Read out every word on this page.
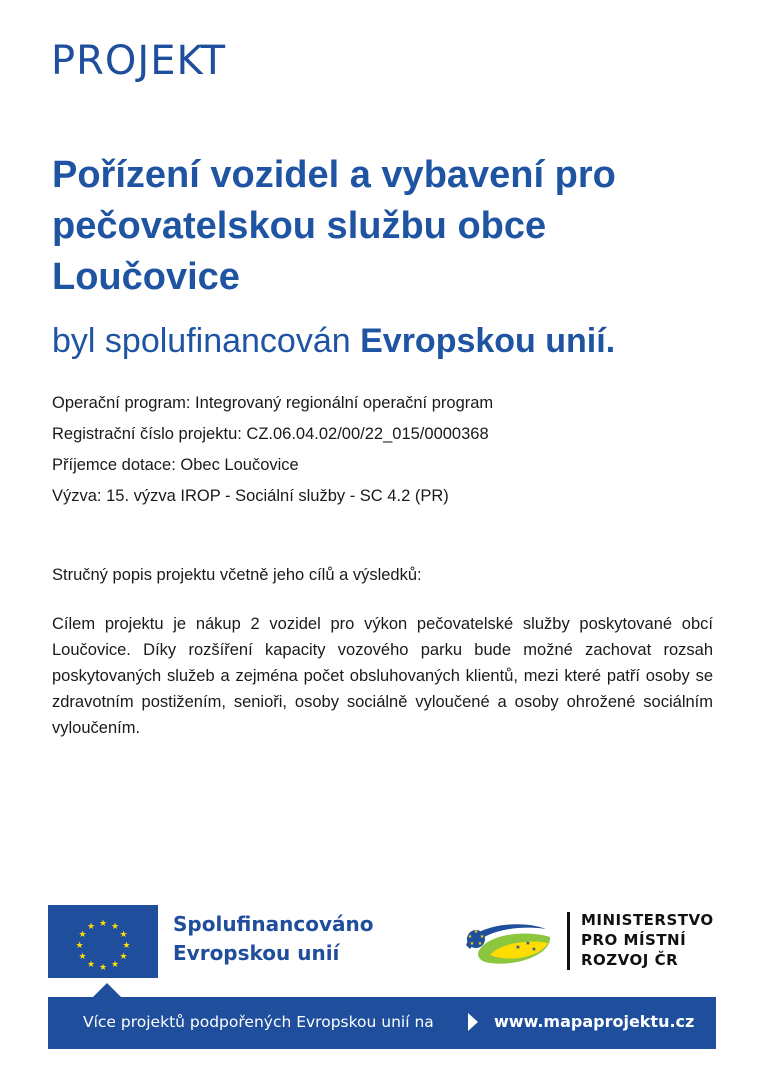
PROJEKT
Pořízení vozidel a vybavení pro pečovatelskou službu obce Loučovice
byl spolufinancován Evropskou unií.
Operační program: Integrovaný regionální operační program
Registrační číslo projektu: CZ.06.04.02/00/22_015/0000368
Příjemce dotace: Obec Loučovice
Výzva: 15. výzva IROP - Sociální služby - SC 4.2 (PR)
Stručný popis projektu včetně jeho cílů a výsledků:
Cílem projektu je nákup 2 vozidel pro výkon pečovatelské služby poskytované obcí Loučovice. Díky rozšíření kapacity vozového parku bude možné zachovat rozsah poskytovaných služeb a zejména počet obsluhovaných klientů, mezi které patří osoby se zdravotním postižením, senioři, osoby sociálně vyloučené a osoby ohrožené sociálním vyloučením.
★ ★
★
★
★
★
★
★
★
★
★
★	Spolufinancováno
Evropskou unií
★
★
★
★
★
★
★
★
MINISTERSTVO
PRO MÍSTNÍ
ROZVOJ ČR
Více projektů podpořených Evropskou unií na	www.mapaprojektu.cz
